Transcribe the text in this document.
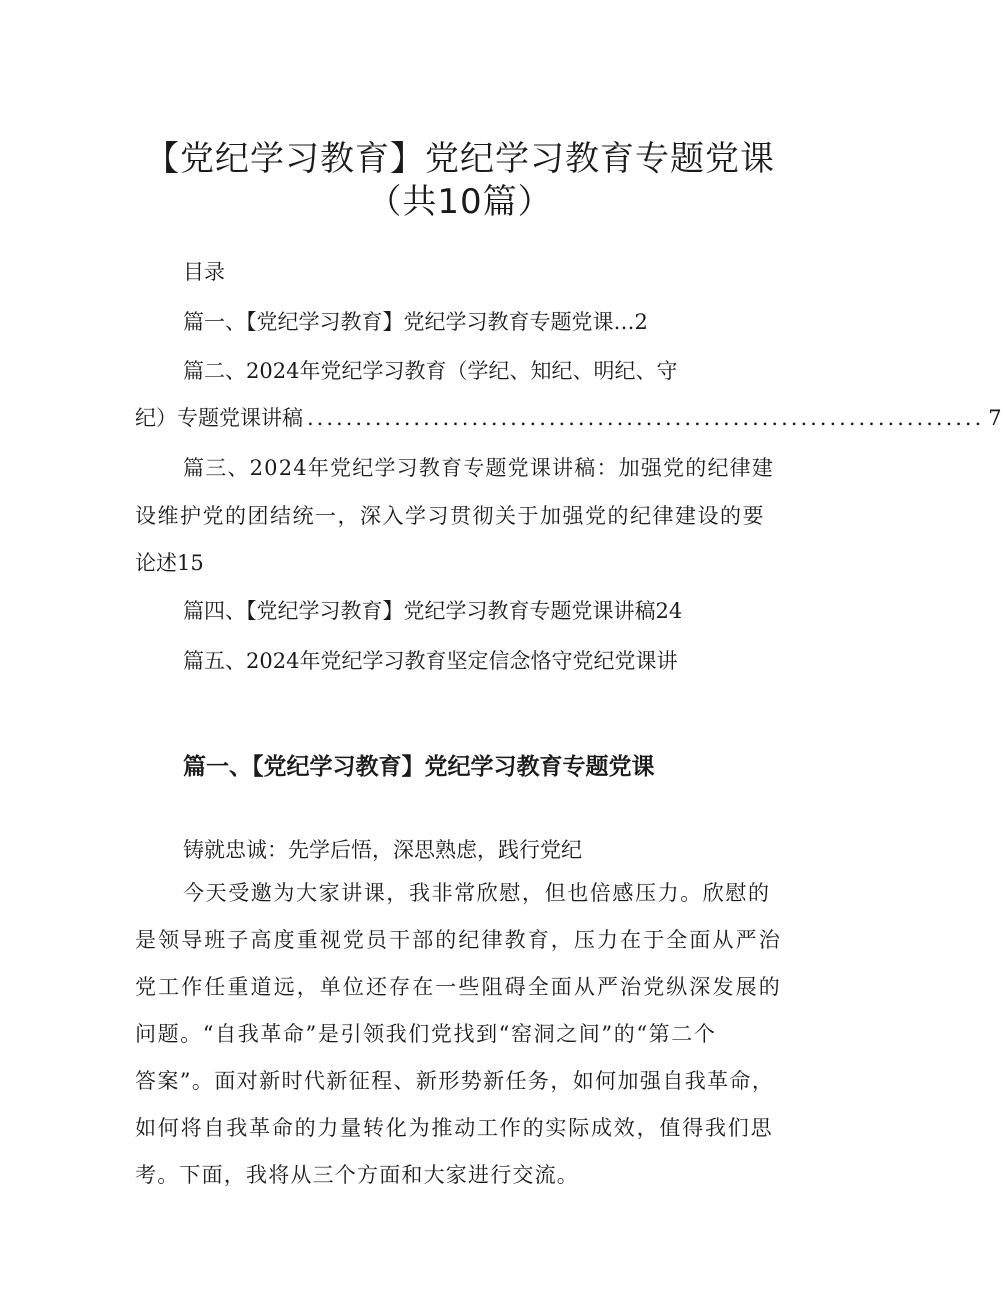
【党纪学习教育】党纪学习教育专题党课
（共10篇）
目录
篇一、【党纪学习教育】党纪学习教育专题党课…2
篇二、2024年党纪学习教育（学纪、知纪、明纪、守
纪）专题党课讲稿 ...................................................................... 7
篇三、2024年党纪学习教育专题党课讲稿：加强党的纪律建
设维护党的团结统一，深入学习贯彻关于加强党的纪律建设的要
论述15
篇四、【党纪学习教育】党纪学习教育专题党课讲稿24
篇五、2024年党纪学习教育坚定信念恪守党纪党课讲
篇一、【党纪学习教育】党纪学习教育专题党课
铸就忠诚：先学后悟，深思熟虑，践行党纪
今天受邀为大家讲课，我非常欣慰，但也倍感压力。欣慰的
是领导班子高度重视党员干部的纪律教育，压力在于全面从严治
党工作任重道远，单位还存在一些阻碍全面从严治党纵深发展的
问题。“自我革命”是引领我们党找到“窑洞之间”的“第二个
答案”。面对新时代新征程、新形势新任务，如何加强自我革命，
如何将自我革命的力量转化为推动工作的实际成效，值得我们思
考。下面，我将从三个方面和大家进行交流。
